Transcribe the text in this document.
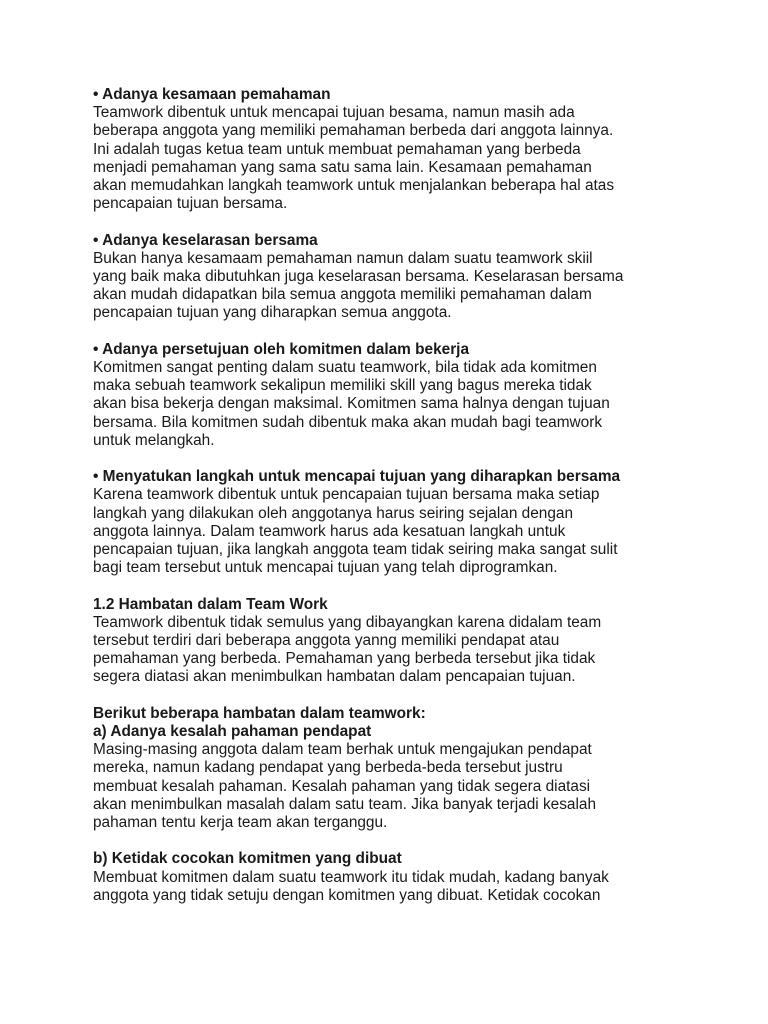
• Adanya kesamaan pemahaman
Teamwork dibentuk untuk mencapai tujuan besama, namun masih ada
beberapa anggota yang memiliki pemahaman berbeda dari anggota lainnya.
Ini adalah tugas ketua team untuk membuat pemahaman yang berbeda
menjadi pemahaman yang sama satu sama lain. Kesamaan pemahaman
akan memudahkan langkah teamwork untuk menjalankan beberapa hal atas
pencapaian tujuan bersama.
• Adanya keselarasan bersama
Bukan hanya kesamaam pemahaman namun dalam suatu teamwork skiil
yang baik maka dibutuhkan juga keselarasan bersama. Keselarasan bersama
akan mudah didapatkan bila semua anggota memiliki pemahaman dalam
pencapaian tujuan yang diharapkan semua anggota.
• Adanya persetujuan oleh komitmen dalam bekerja
Komitmen sangat penting dalam suatu teamwork, bila tidak ada komitmen
maka sebuah teamwork sekalipun memiliki skill yang bagus mereka tidak
akan bisa bekerja dengan maksimal. Komitmen sama halnya dengan tujuan
bersama. Bila komitmen sudah dibentuk maka akan mudah bagi teamwork
untuk melangkah.
• Menyatukan langkah untuk mencapai tujuan yang diharapkan bersama
Karena teamwork dibentuk untuk pencapaian tujuan bersama maka setiap
langkah yang dilakukan oleh anggotanya harus seiring sejalan dengan
anggota lainnya. Dalam teamwork harus ada kesatuan langkah untuk
pencapaian tujuan, jika langkah anggota team tidak seiring maka sangat sulit
bagi team tersebut untuk mencapai tujuan yang telah diprogramkan.
1.2 Hambatan dalam Team Work
Teamwork dibentuk tidak semulus yang dibayangkan karena didalam team
tersebut terdiri dari beberapa anggota yanng memiliki pendapat atau
pemahaman yang berbeda. Pemahaman yang berbeda tersebut jika tidak
segera diatasi akan menimbulkan hambatan dalam pencapaian tujuan.
Berikut beberapa hambatan dalam teamwork:
a) Adanya kesalah pahaman pendapat
Masing-masing anggota dalam team berhak untuk mengajukan pendapat
mereka, namun kadang pendapat yang berbeda-beda tersebut justru
membuat kesalah pahaman. Kesalah pahaman yang tidak segera diatasi
akan menimbulkan masalah dalam satu team. Jika banyak terjadi kesalah
pahaman tentu kerja team akan terganggu.
b) Ketidak cocokan komitmen yang dibuat
Membuat komitmen dalam suatu teamwork itu tidak mudah, kadang banyak
anggota yang tidak setuju dengan komitmen yang dibuat. Ketidak cocokan
